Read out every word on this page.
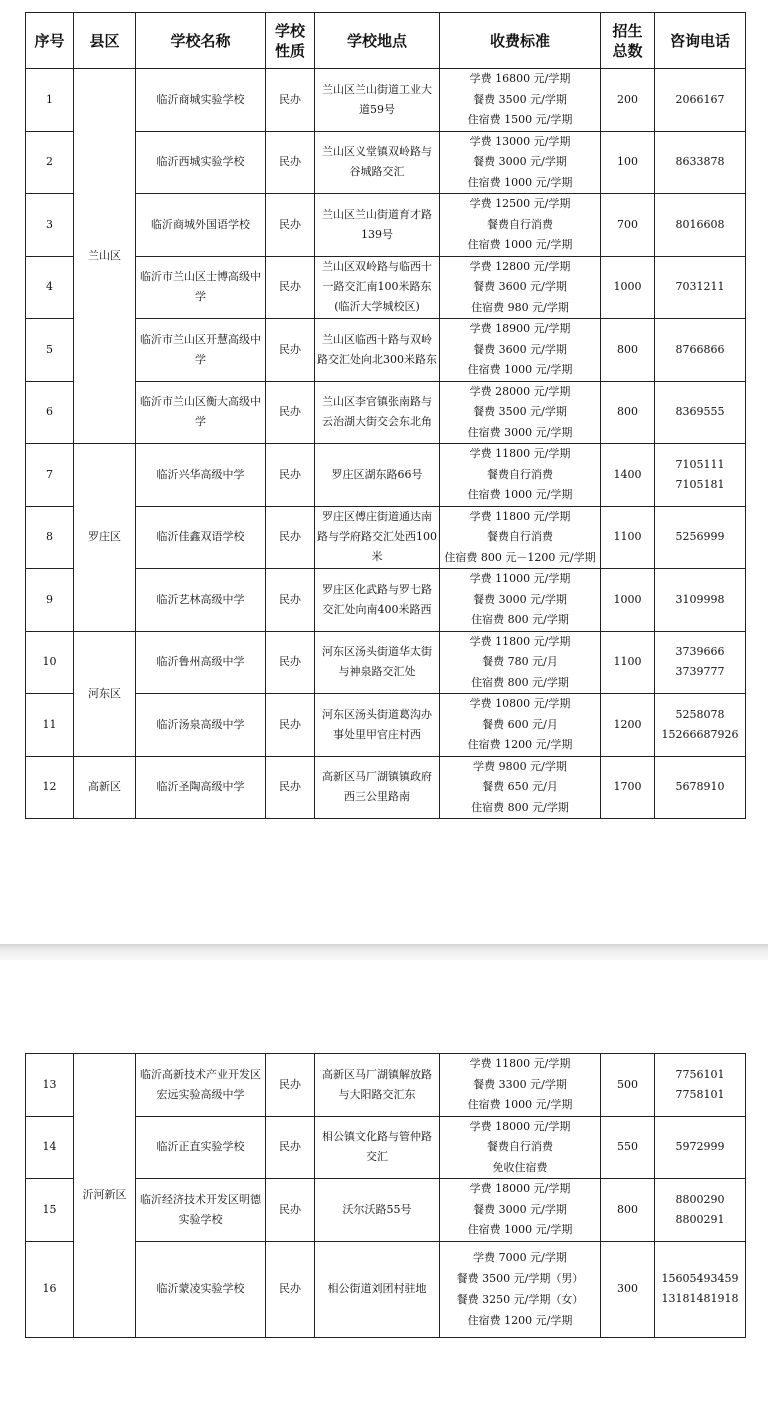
序号	县区	学校名称	学校
性质	学校地点	收费标准	招生
总数	咨询电话
1	兰山区	临沂商城实验学校	民办	兰山区兰山街道工业大道59号	学费 16800 元/学期
餐费 3500 元/学期
住宿费 1500 元/学期	200	2066167

2		临沂西城实验学校	民办	兰山区义堂镇双岭路与谷城路交汇	学费 13000 元/学期
餐费 3000 元/学期
住宿费 1000 元/学期	100	8633878

3		临沂商城外国语学校	民办	兰山区兰山街道育才路139号	学费 12500 元/学期
餐费自行消费
住宿费 1000 元/学期	700	8016608

4		临沂市兰山区士博高级中学	民办	兰山区双岭路与临西十一路交汇南100米路东(临沂大学城校区)	学费 12800 元/学期
餐费 3600 元/学期
住宿费 980 元/学期	1000	7031211

5		临沂市兰山区开慧高级中学	民办	兰山区临西十路与双岭路交汇处向北300米路东	学费 18900 元/学期
餐费 3600 元/学期
住宿费 1000 元/学期	800	8766866

6		临沂市兰山区衡大高级中学	民办	兰山区李官镇张南路与云治湖大街交会东北角	学费 28000 元/学期
餐费 3500 元/学期
住宿费 3000 元/学期	800	8369555

7	罗庄区	临沂兴华高级中学	民办	罗庄区湖东路66号	学费 11800 元/学期
餐费自行消费
住宿费 1000 元/学期	1400	7105111
7105181

8		临沂佳鑫双语学校	民办	罗庄区傅庄街道通达南路与学府路交汇处西100米	学费 11800 元/学期
餐费自行消费
住宿费 800 元－1200 元/学期	1100	5256999

9		临沂艺林高级中学	民办	罗庄区化武路与罗七路交汇处向南400米路西	学费 11000 元/学期
餐费 3000 元/学期
住宿费 800 元/学期	1000	3109998

10	河东区	临沂鲁州高级中学	民办	河东区汤头街道华太街与神泉路交汇处	学费 11800 元/学期
餐费 780 元/月
住宿费 800 元/学期	1100	3739666
3739777

11		临沂汤泉高级中学	民办	河东区汤头街道葛沟办事处里甲官庄村西	学费 10800 元/学期
餐费 600 元/月
住宿费 1200 元/学期	1200	5258078
15266687926

12	高新区	临沂圣陶高级中学	民办	高新区马厂湖镇镇政府西三公里路南	学费 9800 元/学期
餐费 650 元/月
住宿费 800 元/学期	1700	5678910
13	沂河新区	临沂高新技术产业开发区宏远实验高级中学	民办	高新区马厂湖镇解放路与大阳路交汇东	学费 11800 元/学期
餐费 3300 元/学期
住宿费 1000 元/学期	500	7756101
7758101

14		临沂正直实验学校	民办	相公镇文化路与管仲路交汇	学费 18000 元/学期
餐费自行消费
免收住宿费	550	5972999

15		临沂经济技术开发区明德实验学校	民办	沃尔沃路55号	学费 18000 元/学期
餐费 3000 元/学期
住宿费 1000 元/学期	800	8800290
8800291

16		临沂蒙凌实验学校	民办	相公街道刘团村驻地	学费 7000 元/学期
餐费 3500 元/学期（男）
餐费 3250 元/学期（女）
住宿费 1200 元/学期	300	15605493459
13181481918
